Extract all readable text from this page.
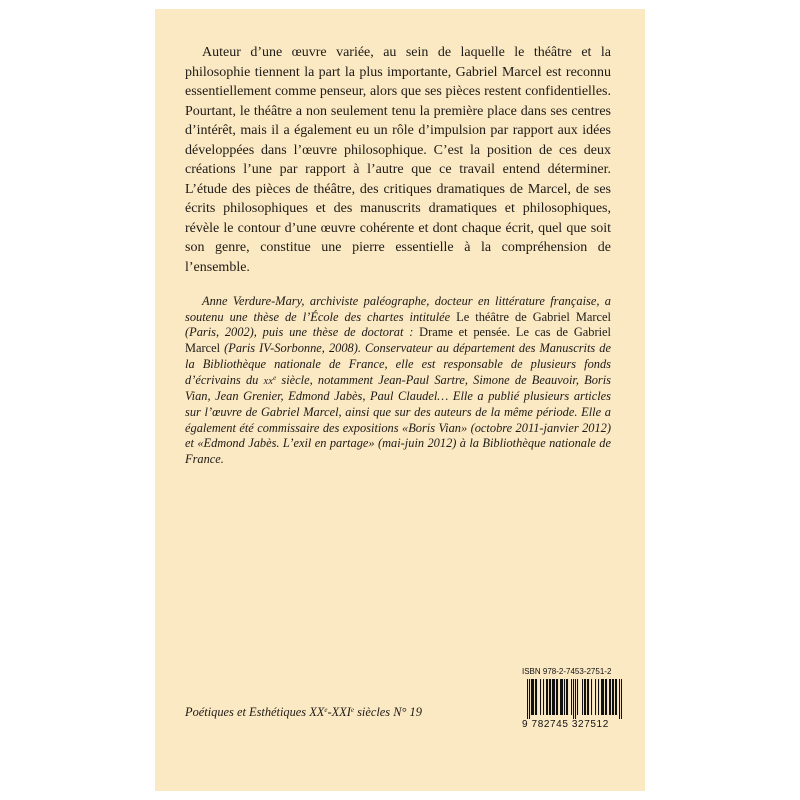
Auteur d’une œuvre variée, au sein de laquelle le théâtre et la philosophie tiennent la part la plus importante, Gabriel Marcel est reconnu essentiellement comme penseur, alors que ses pièces restent confidentielles. Pourtant, le théâtre a non seulement tenu la première place dans ses centres d’intérêt, mais il a également eu un rôle d’impulsion par rapport aux idées développées dans l’œuvre philosophique. C’est la position de ces deux créations l’une par rapport à l’autre que ce travail entend déterminer. L’étude des pièces de théâtre, des critiques dramatiques de Marcel, de ses écrits philosophiques et des manuscrits dramatiques et philosophiques, révèle le contour d’une œuvre cohérente et dont chaque écrit, quel que soit son genre, constitue une pierre essentielle à la compréhension de l’ensemble.

Anne Verdure-Mary, archiviste paléographe, docteur en littérature française, a soutenu une thèse de l’École des chartes intitulée Le théâtre de Gabriel Marcel (Paris, 2002), puis une thèse de doctorat : Drame et pensée. Le cas de Gabriel Marcel (Paris IV-Sorbonne, 2008). Conservateur au département des Manuscrits de la Bibliothèque nationale de France, elle est responsable de plusieurs fonds d’écrivains du $xx^e$ siècle, notamment Jean-Paul Sartre, Simone de Beauvoir, Boris Vian, Jean Grenier, Edmond Jabès, Paul Claudel… Elle a publié plusieurs articles sur l’œuvre de Gabriel Marcel, ainsi que sur des auteurs de la même période. Elle a également été commissaire des expositions «Boris Vian» (octobre 2011-janvier 2012) et «Edmond Jabès. L’exil en partage» (mai-juin 2012) à la Bibliothèque nationale de France.

Poétiques et Esthétiques XXe-XXIe siècles N° 19
ISBN 978-2-7453-2751-2
9 782745 327512
